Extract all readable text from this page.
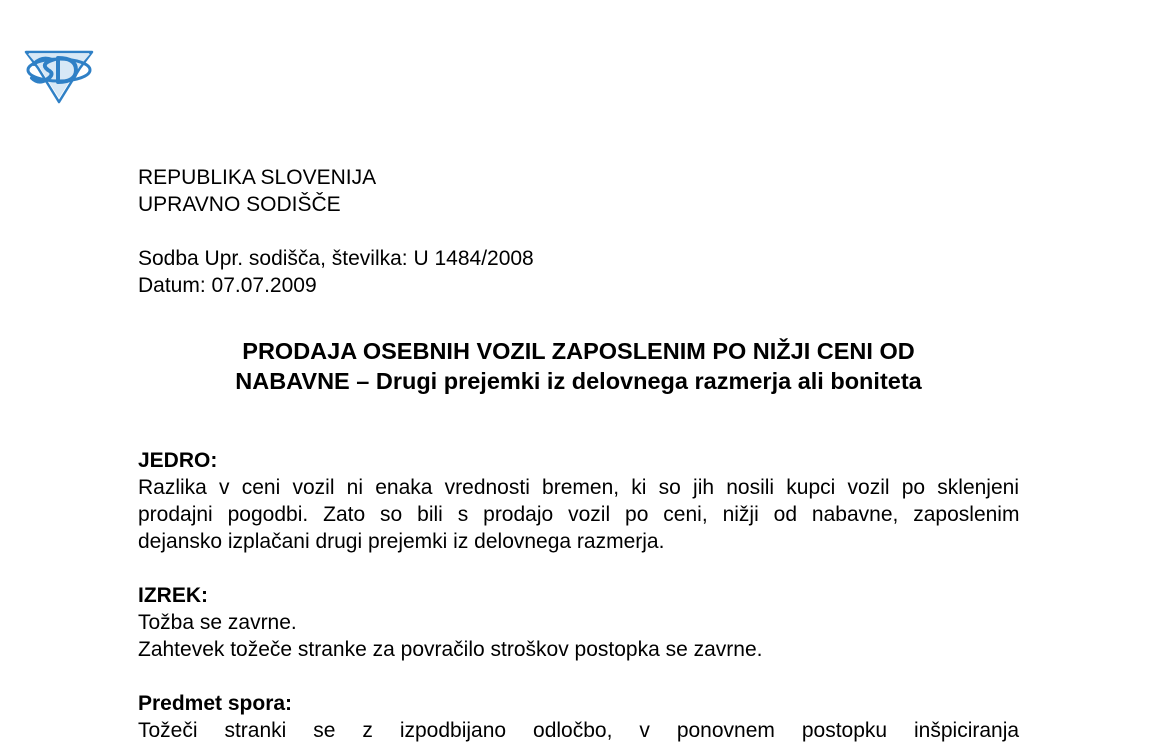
REPUBLIKA SLOVENIJA
UPRAVNO SODIŠČE
Sodba Upr. sodišča, številka: U 1484/2008
Datum: 07.07.2009
PRODAJA OSEBNIH VOZIL ZAPOSLENIM PO NIŽJI CENI OD
NABAVNE – Drugi prejemki iz delovnega razmerja ali boniteta
JEDRO:
Razlika v ceni vozil ni enaka vrednosti bremen, ki so jih nosili kupci vozil po sklenjeni
prodajni pogodbi. Zato so bili s prodajo vozil po ceni, nižji od nabavne, zaposlenim
dejansko izplačani drugi prejemki iz delovnega razmerja.
IZREK:
Tožba se zavrne.
Zahtevek tožeče stranke za povračilo stroškov postopka se zavrne.
Predmet spora:
Tožeči stranki se z izpodbijano odločbo, v ponovnem postopku inšpiciranja
